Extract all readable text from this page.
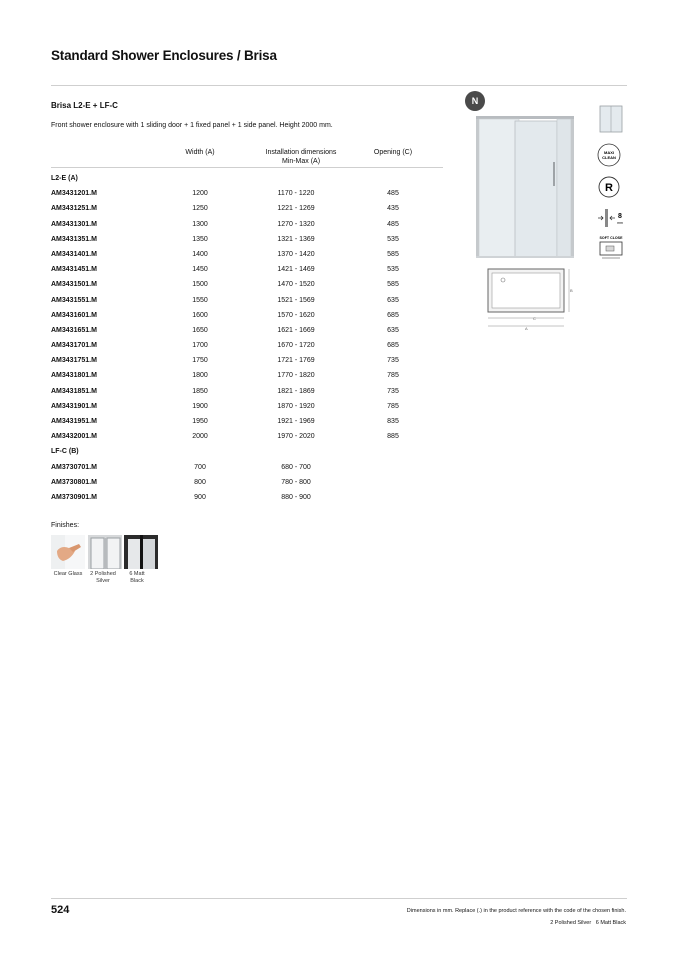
Standard Shower Enclosures / Brisa
Brisa L2-E + LF-C
Front shower enclosure with 1 sliding door + 1 fixed panel + 1 side panel. Height 2000 mm.
Width (A)	Installation dimensions
Min-Max (A)
Opening (C)
L2-E (A)
AM3431201.M	1200	1170 - 1220	485
AM3431251.M	1250	1221 - 1269	435
AM3431301.M	1300	1270 - 1320	485
AM3431351.M	1350	1321 - 1369	535
AM3431401.M	1400	1370 - 1420	585
AM3431451.M	1450	1421 - 1469	535
AM3431501.M	1500	1470 - 1520	585
AM3431551.M	1550	1521 - 1569	635
AM3431601.M	1600	1570 - 1620	685
AM3431651.M	1650	1621 - 1669	635
AM3431701.M	1700	1670 - 1720	685
AM3431751.M	1750	1721 - 1769	735
AM3431801.M	1800	1770 - 1820	785
AM3431851.M	1850	1821 - 1869	735
AM3431901.M	1900	1870 - 1920	785
AM3431951.M	1950	1921 - 1969	835
AM3432001.M	2000	1970 - 2020	885
LF-C (B)
AM3730701.M	700	680 - 700
AM3730801.M	800	780 - 800
AM3730901.M	900	880 - 900
Finishes:
Clear Glass	2 Polished
Silver
6 Matt
Black
N
C
A
B
MAXI
CLEAN
R
8
mm
SOFT CLOSE
524	Dimensions in mm. Replace (.) in the product reference with the code of the chosen finish.
2 Polished Silver   6 Matt Black
